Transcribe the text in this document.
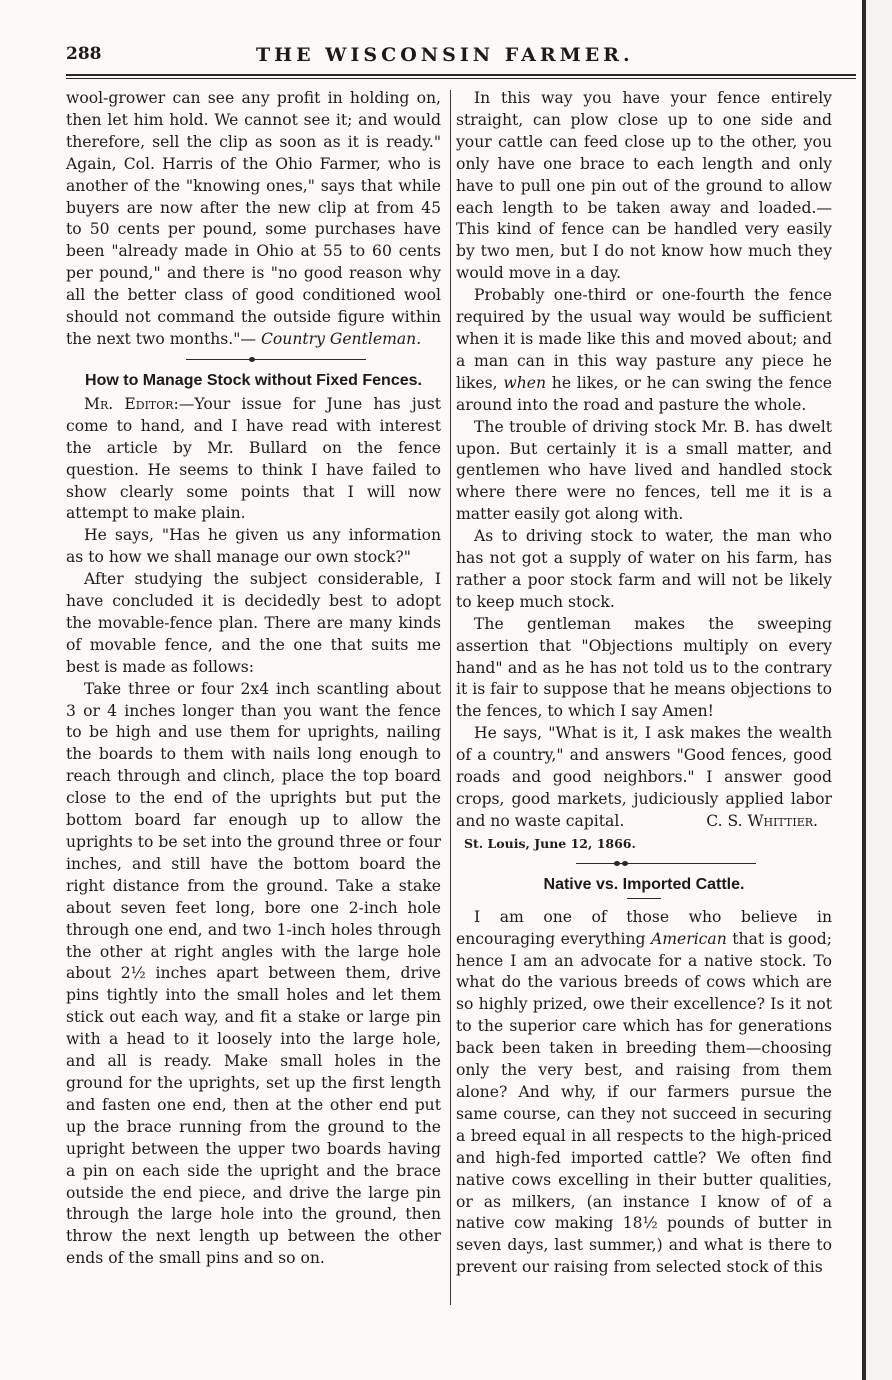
288	THE WISCONSIN FARMER.

wool-grower can see any profit in holding on, then let him hold. We cannot see it; and would therefore, sell the clip as soon as it is ready." Again, Col. Harris of the Ohio Farmer, who is another of the "knowing ones," says that while buyers are now after the new clip at from 45 to 50 cents per pound, some purchases have been "already made in Ohio at 55 to 60 cents per pound," and there is "no good reason why all the better class of good conditioned wool should not command the outside figure within the next two months."— Country Gentleman.

How to Manage Stock without Fixed Fences.

Mr. Editor:—Your issue for June has just come to hand, and I have read with interest the article by Mr. Bullard on the fence question. He seems to think I have failed to show clearly some points that I will now attempt to make plain.

He says, "Has he given us any information as to how we shall manage our own stock?"

After studying the subject considerable, I have concluded it is decidedly best to adopt the movable-fence plan. There are many kinds of movable fence, and the one that suits me best is made as follows:

Take three or four 2x4 inch scantling about 3 or 4 inches longer than you want the fence to be high and use them for uprights, nailing the boards to them with nails long enough to reach through and clinch, place the top board close to the end of the uprights but put the bottom board far enough up to allow the uprights to be set into the ground three or four inches, and still have the bottom board the right distance from the ground. Take a stake about seven feet long, bore one 2-inch hole through one end, and two 1-inch holes through the other at right angles with the large hole about 2½ inches apart between them, drive pins tightly into the small holes and let them stick out each way, and fit a stake or large pin with a head to it loosely into the large hole, and all is ready. Make small holes in the ground for the uprights, set up the first length and fasten one end, then at the other end put up the brace running from the ground to the upright between the upper two boards having a pin on each side the upright and the brace outside the end piece, and drive the large pin through the large hole into the ground, then throw the next length up between the other ends of the small pins and so on.

In this way you have your fence entirely straight, can plow close up to one side and your cattle can feed close up to the other, you only have one brace to each length and only have to pull one pin out of the ground to allow each length to be taken away and loaded.—This kind of fence can be handled very easily by two men, but I do not know how much they would move in a day.

Probably one-third or one-fourth the fence required by the usual way would be sufficient when it is made like this and moved about; and a man can in this way pasture any piece he likes, when he likes, or he can swing the fence around into the road and pasture the whole.

The trouble of driving stock Mr. B. has dwelt upon. But certainly it is a small matter, and gentlemen who have lived and handled stock where there were no fences, tell me it is a matter easily got along with.

As to driving stock to water, the man who has not got a supply of water on his farm, has rather a poor stock farm and will not be likely to keep much stock.

The gentleman makes the sweeping assertion that "Objections multiply on every hand" and as he has not told us to the contrary it is fair to suppose that he means objections to the fences, to which I say Amen!

He says, "What is it, I ask makes the wealth of a country," and answers "Good fences, good roads and good neighbors." I answer good crops, good markets, judiciously applied labor and no waste capital.	C. S. Whittier.

St. Louis, June 12, 1866.

Native vs. Imported Cattle.

I am one of those who believe in encouraging everything American that is good; hence I am an advocate for a native stock. To what do the various breeds of cows which are so highly prized, owe their excellence? Is it not to the superior care which has for generations back been taken in breeding them—choosing only the very best, and raising from them alone? And why, if our farmers pursue the same course, can they not succeed in securing a breed equal in all respects to the high-priced and high-fed imported cattle? We often find native cows excelling in their butter qualities, or as milkers, (an instance I know of of a native cow making 18½ pounds of butter in seven days, last summer,) and what is there to prevent our raising from selected stock of this
